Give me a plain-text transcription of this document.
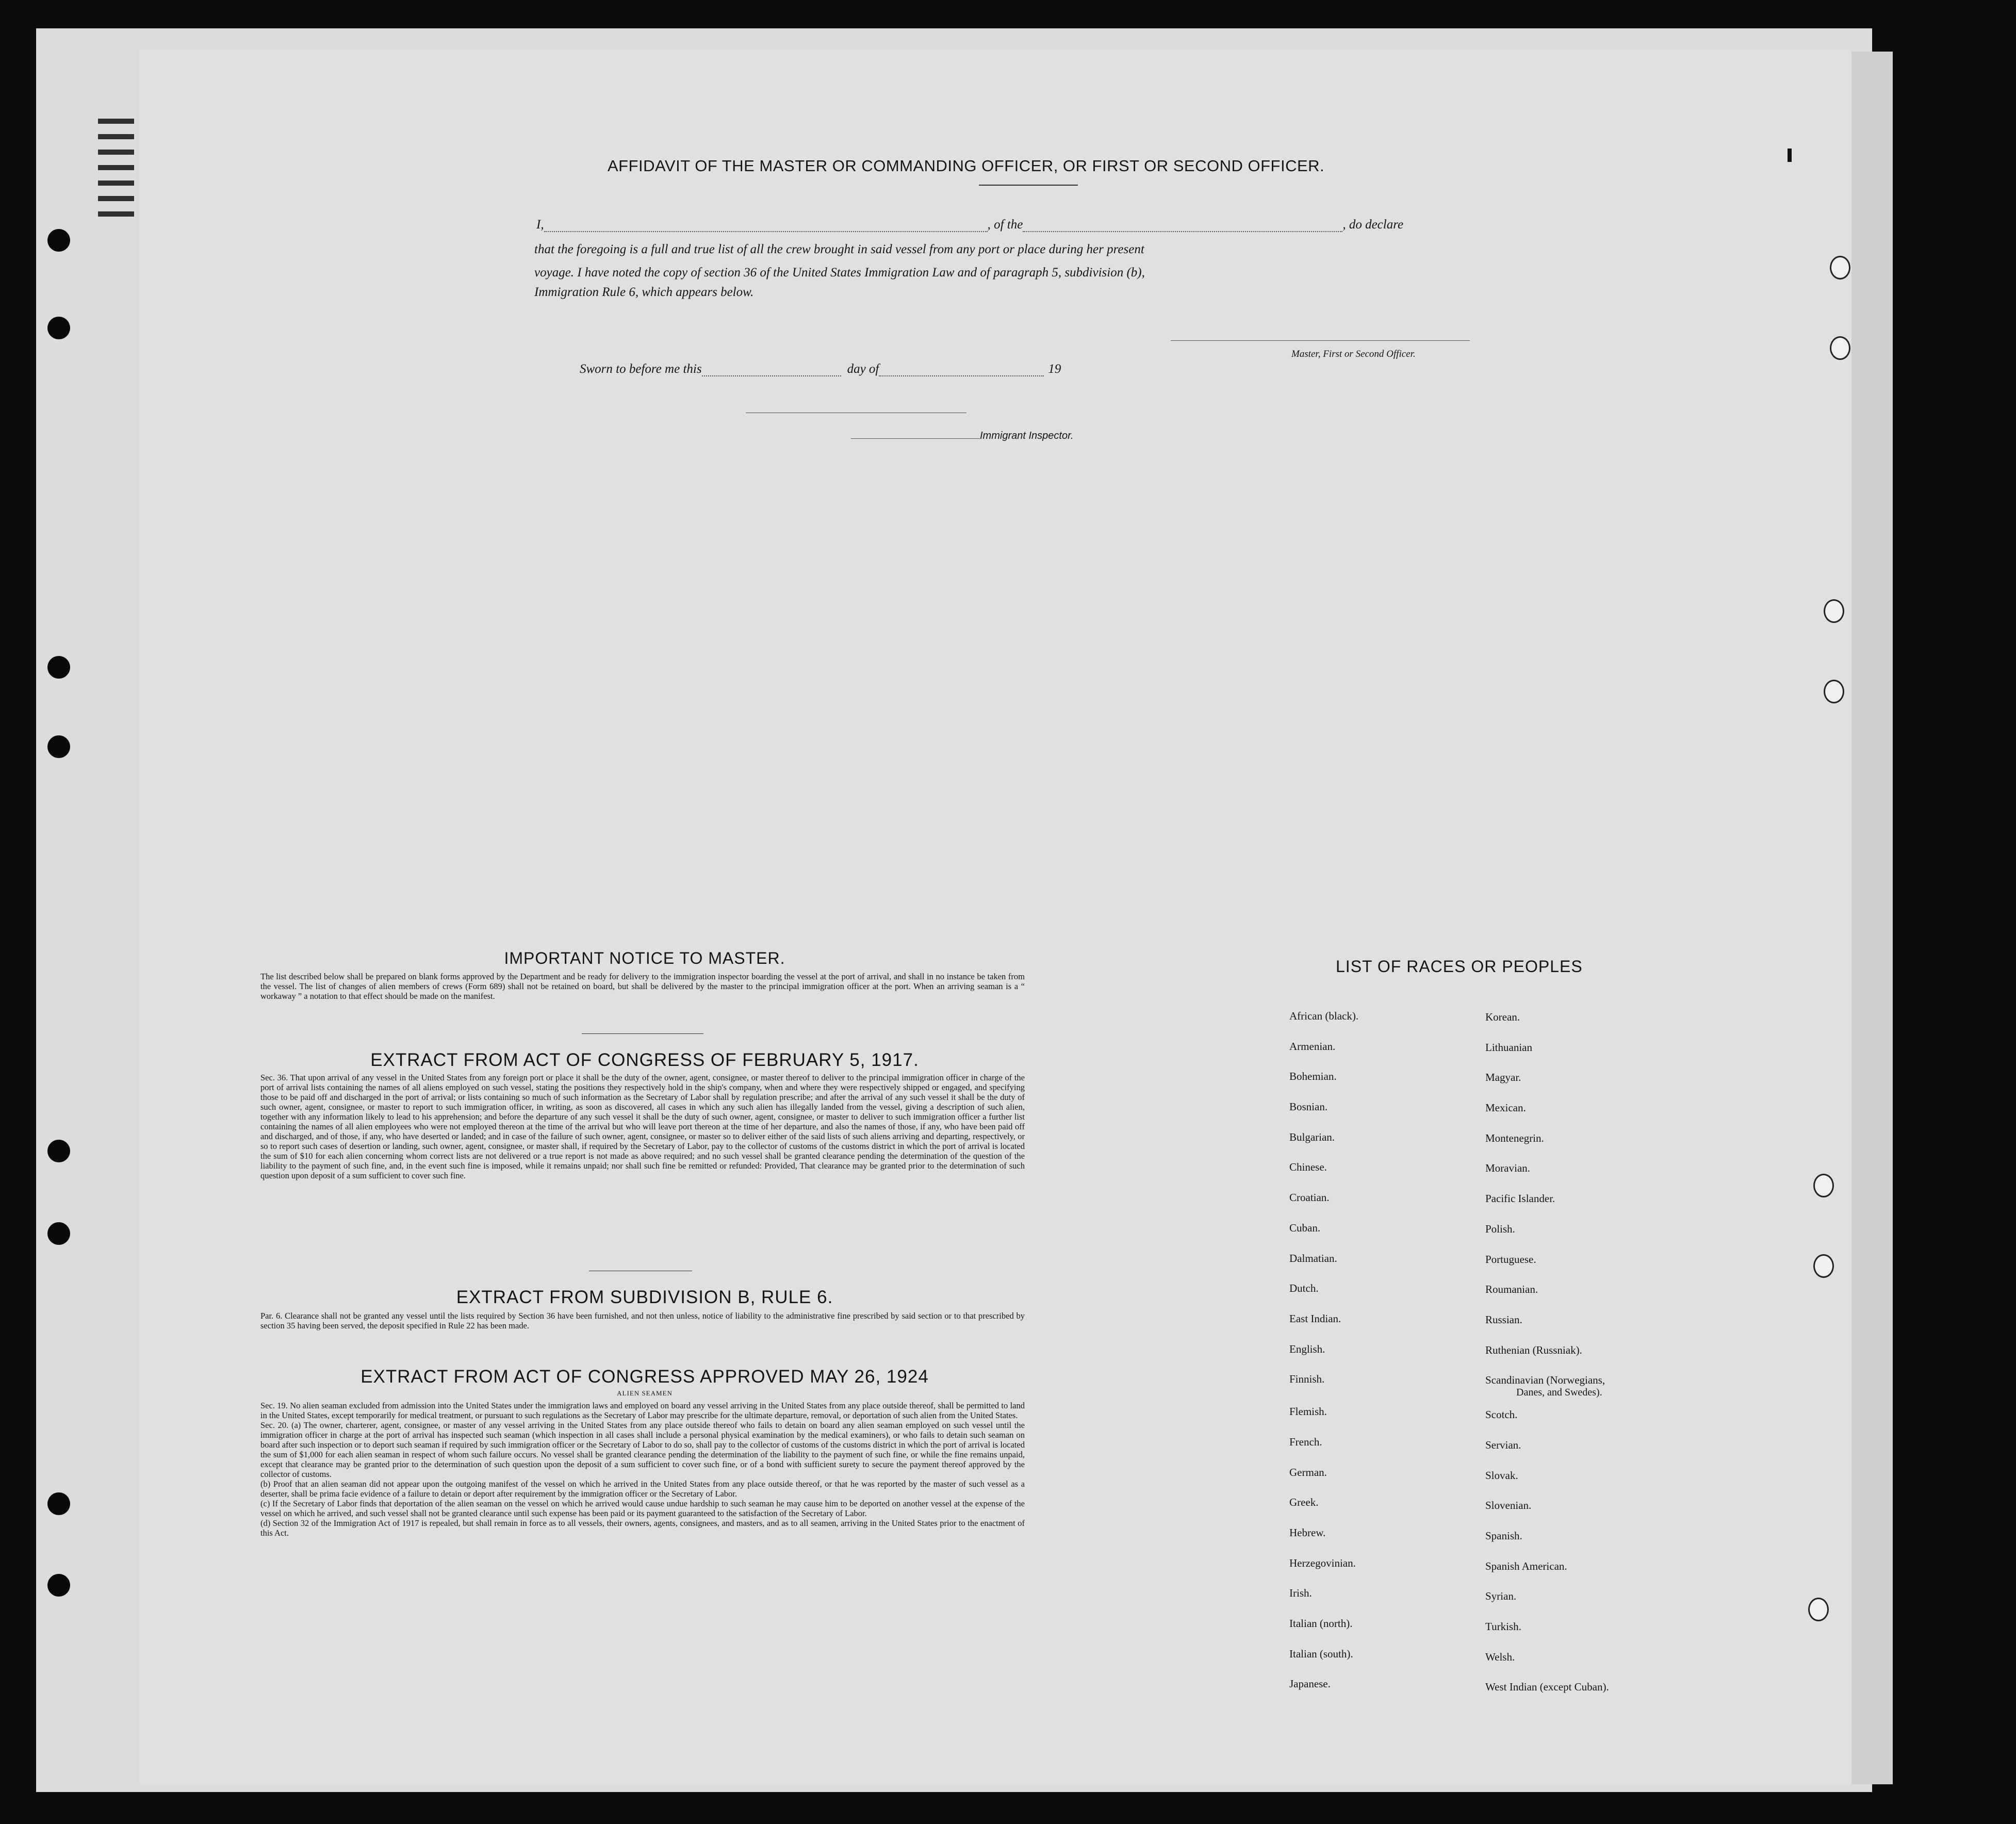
AFFIDAVIT OF THE MASTER OR COMMANDING OFFICER, OR FIRST OR SECOND OFFICER.
I,	, of the	, do declare
that the foregoing is a full and true list of all the crew brought in said vessel from any port or place during her present
voyage. I have noted the copy of section 36 of the United States Immigration Law and of paragraph 5, subdivision (b),
Immigration Rule 6, which appears below.
Master, First or Second Officer.
Sworn to before me this	day of	19
Immigrant Inspector.
IMPORTANT NOTICE TO MASTER.
The list described below shall be prepared on blank forms approved by the Department and be ready for delivery to the immigration inspector boarding the vessel at the port of arrival, and shall in no instance be taken from the vessel. The list of changes of alien members of crews (Form 689) shall not be retained on board, but shall be delivered by the master to the principal immigration officer at the port. When an arriving seaman is a “ workaway ” a notation to that effect should be made on the manifest.
EXTRACT FROM ACT OF CONGRESS OF FEBRUARY 5, 1917.
Sec. 36. That upon arrival of any vessel in the United States from any foreign port or place it shall be the duty of the owner, agent, consignee, or master thereof to deliver to the principal immigration officer in charge of the port of arrival lists containing the names of all aliens employed on such vessel, stating the positions they respectively hold in the ship's company, when and where they were respectively shipped or engaged, and specifying those to be paid off and discharged in the port of arrival; or lists containing so much of such information as the Secretary of Labor shall by regulation prescribe; and after the arrival of any such vessel it shall be the duty of such owner, agent, consignee, or master to report to such immigration officer, in writing, as soon as discovered, all cases in which any such alien has illegally landed from the vessel, giving a description of such alien, together with any information likely to lead to his apprehension; and before the departure of any such vessel it shall be the duty of such owner, agent, consignee, or master to deliver to such immigration officer a further list containing the names of all alien employees who were not employed thereon at the time of the arrival but who will leave port thereon at the time of her departure, and also the names of those, if any, who have been paid off and discharged, and of those, if any, who have deserted or landed; and in case of the failure of such owner, agent, consignee, or master so to deliver either of the said lists of such aliens arriving and departing, respectively, or so to report such cases of desertion or landing, such owner, agent, consignee, or master shall, if required by the Secretary of Labor, pay to the collector of customs of the customs district in which the port of arrival is located the sum of $10 for each alien concerning whom correct lists are not delivered or a true report is not made as above required; and no such vessel shall be granted clearance pending the determination of the question of the liability to the payment of such fine, and, in the event such fine is imposed, while it remains unpaid; nor shall such fine be remitted or refunded: Provided, That clearance may be granted prior to the determination of such question upon deposit of a sum sufficient to cover such fine.
EXTRACT FROM SUBDIVISION B, RULE 6.
Par. 6. Clearance shall not be granted any vessel until the lists required by Section 36 have been furnished, and not then unless, notice of liability to the administrative fine prescribed by said section or to that prescribed by section 35 having been served, the deposit specified in Rule 22 has been made.
EXTRACT FROM ACT OF CONGRESS APPROVED MAY 26, 1924
ALIEN SEAMEN
Sec. 19. No alien seaman excluded from admission into the United States under the immigration laws and employed on board any vessel arriving in the United States from any place outside thereof, shall be permitted to land in the United States, except temporarily for medical treatment, or pursuant to such regulations as the Secretary of Labor may prescribe for the ultimate departure, removal, or deportation of such alien from the United States.
Sec. 20. (a) The owner, charterer, agent, consignee, or master of any vessel arriving in the United States from any place outside thereof who fails to detain on board any alien seaman employed on such vessel until the immigration officer in charge at the port of arrival has inspected such seaman (which inspection in all cases shall include a personal physical examination by the medical examiners), or who fails to detain such seaman on board after such inspection or to deport such seaman if required by such immigration officer or the Secretary of Labor to do so, shall pay to the collector of customs of the customs district in which the port of arrival is located the sum of $1,000 for each alien seaman in respect of whom such failure occurs. No vessel shall be granted clearance pending the determination of the liability to the payment of such fine, or while the fine remains unpaid, except that clearance may be granted prior to the determination of such question upon the deposit of a sum sufficient to cover such fine, or of a bond with sufficient surety to secure the payment thereof approved by the collector of customs.
(b) Proof that an alien seaman did not appear upon the outgoing manifest of the vessel on which he arrived in the United States from any place outside thereof, or that he was reported by the master of such vessel as a deserter, shall be prima facie evidence of a failure to detain or deport after requirement by the immigration officer or the Secretary of Labor.
(c) If the Secretary of Labor finds that deportation of the alien seaman on the vessel on which he arrived would cause undue hardship to such seaman he may cause him to be deported on another vessel at the expense of the vessel on which he arrived, and such vessel shall not be granted clearance until such expense has been paid or its payment guaranteed to the satisfaction of the Secretary of Labor.
(d) Section 32 of the Immigration Act of 1917 is repealed, but shall remain in force as to all vessels, their owners, agents, consignees, and masters, and as to all seamen, arriving in the United States prior to the enactment of this Act.
LIST OF RACES OR PEOPLES
African (black).
Armenian.
Bohemian.
Bosnian.
Bulgarian.
Chinese.
Croatian.
Cuban.
Dalmatian.
Dutch.
East Indian.
English.
Finnish.
Flemish.
French.
German.
Greek.
Hebrew.
Herzegovinian.
Irish.
Italian (north).
Italian (south).
Japanese.
Korean.
Lithuanian
Magyar.
Mexican.
Montenegrin.
Moravian.
Pacific Islander.
Polish.
Portuguese.
Roumanian.
Russian.
Ruthenian (Russniak).
Scandinavian (Norwegians,
Danes, and Swedes).
Scotch.
Servian.
Slovak.
Slovenian.
Spanish.
Spanish American.
Syrian.
Turkish.
Welsh.
West Indian (except Cuban).
